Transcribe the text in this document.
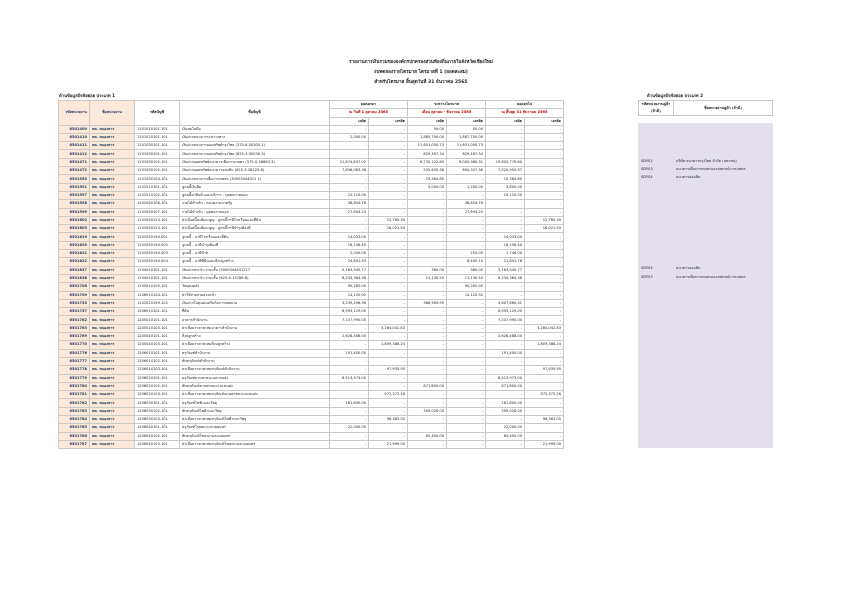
รายงานการเงินรวมขององค์กรปกครองส่วนท้องถิ่นภายในจังหวัดเชียงใหม่
งบทดลองรายไตรมาส ไตรมาสที่ 1 (ยอดสะสม)
สำหรับไตรมาส สิ้นสุดวันที่ 31 ธันวาคม 2565
ด้านข้อมูลปัจจัยย่อย ประเภท 1	ด้านข้อมูลปัจจัยย่อย ประเภท 2
รหัสหน่วยงาน	ชื่อหน่วยงาน	รหัสบัญชี	ชื่อบัญชี	ยอดยกมา		ระหว่างไตรมาส		ยอดยกไป	
				ณ วันที่ 1 ตุลาคม 2565		เดือน ตุลาคม - ธันวาคม 2565		ณ สิ้นสุด 31 ธันวาคม 2565	
				เดบิต	เครดิต	เดบิต	เครดิต	เดบิต	เครดิต
6501409	ทต. หนองหาร	1101010101.101	เงินสดในมือ	-	-	50.00	50.00	-	-
6501410	ทต. หนองหาร	1101020101.101	เงินฝากธนาคารระหว่างทาง	2,000.00	-	1,885,700.00	1,887,700.00	-	-
6501411	ทต. หนองหาร	1101030101.101	เงินฝากธนาคารออมทรัพย์กรุงไทย (375-6-00305-1)	-	-	11,651,050.73	11,651,050.73	-	-
6501412	ทต. หนองหาร	1101030101.101	เงินฝากธนาคารออมทรัพย์กรุงไทย (825-3-00030-3)	-	-	629,167.34	629,167.34	-	-
6501471	ทต. หนองหาร	1101030102.101	เงินฝากออมทรัพย์ธนาคารเพื่อการเกษตร (375-0-36863-3)	21,874,637.02	-	6,735,122.89	9,005,980.31	19,603,779.60	-
6501472	ทต. หนองหาร	1101030102.101	เงินฝากออมทรัพย์ธนาคารออมสิน (825-3-38120-6)	7,636,063.36	-	535,635.36	650,327.36	7,520,955.37	-
6501550	ทต. หนองหาร	1101030104.101	เงินฝากธนาคารเพื่อการเกษตร (30003444312 1)	-	-	19,364.80	-	19,364.80	-
6501591	ทต. หนองหาร	1102010101.101	ลูกหนี้เงินยืม	-	-	5,000.00	1,200.00	3,800.00	-
6501597	ทต. หนองหาร	1102010102.101	ลูกหนี้ค่าสินค้าและบริการ - บุคคลภายนอก	10,110.00	-	-	-	10,110.00	-
6501598	ทต. หนองหาร	1102050106.101	รายได้ค้างรับ - หน่วยงานภาครัฐ	38,854.78	-	-	38,854.78	-	-
6501599	ทต. หนองหาร	1102050107.101	รายได้ค้างรับ - บุคคลภายนอก	27,694.25	-	-	27,694.25	-	-
6501602	ทต. หนองหาร	1102050123.101	ค่าเผื่อหนี้สงสัยจะสูญ - ลูกหนี้ภาษีโรงเรือนและที่ดิน	-	12,765.30	-	-	-	12,765.30
6501603	ทต. หนองหาร	1102050123.101	ค่าเผื่อหนี้สงสัยจะสูญ - ลูกหนี้ภาษีบำรุงท้องที่	-	18,021.50	-	-	-	18,021.50
6501619	ทต. หนองหาร	1102050194.001	ลูกหนี้ - ภาษีโรงเรือนและที่ดิน	14,033.00	-	-	-	14,033.00	-
6501620	ทต. หนองหาร	1102050194.002	ลูกหนี้ - ภาษีบำรุงท้องที่	18,156.40	-	-	-	18,156.40	-
6501621	ทต. หนองหาร	1102050194.003	ลูกหนี้ - ภาษีป้าย	2,000.00	-	-	252.00	1,748.00	-
6501622	ทต. หนองหาร	1102050194.004	ลูกหนี้ - ภาษีที่ดินและสิ่งปลูกสร้าง	24,841.93	-	-	8,400.15	21,841.78	-
6501637	ทต. หนองหาร	1104010101.101	เงินฝากประจำ-ระยะสั้น (3000344431217	5,163,945.77	-	360.00	360.00	5,163,945.77	-
6501638	ทต. หนองหาร	1104010101.101	เงินฝากประจำ-ระยะสั้น (825-4-13786-8)	8,234,364.36	-	11,130.50	11,130.50	8,234,364.36	-
6501708	ทต. หนองหาร	1105010105.101	วัสดุคงคลัง	90,262.00	-	-	90,262.00	-	-
6501709	ทต. หนองหาร	1106010104.101	ค่าใช้จ่ายจ่ายล่วงหน้า	14,120.92	-	-	14,120.92	-	-
6501733	ทต. หนองหาร	1102020199.102	เงินฝากในทุนส่งเสริมกิจการเทศบาล	3,239,296.36	-	368,563.95	-	3,607,860.31	-
6501757	ทต. หนองหาร	1206010101.101	ที่ดิน	6,993,129.00	-	-	-	6,993,129.00	-
6501762	ทต. หนองหาร	1205010101.101	อาคารสำนักงาน	7,237,990.00	-	-	-	7,237,990.00	-
6501763	ทต. หนองหาร	1205010103.101	ค่าเสื่อมราคาสะสมอาคารสำนักงาน	-	3,284,042.83	-	-	-	3,284,042.83
6501769	ทต. หนองหาร	1205040101.101	สิ่งปลูกสร้าง	2,628,488.00	-	-	-	2,628,488.00	-
6501770	ทต. หนองหาร	1205040103.101	ค่าเสื่อมราคาสะสมสิ่งปลูกสร้าง	-	1,809,388.24	-	-	-	1,809,388.24
6501776	ทต. หนองหาร	1206010101.101	ครุภัณฑ์สำนักงาน	191,400.00	-	-	-	191,400.00	-
6501777	ทต. หนองหาร	1206010102.101	พักครุภัณฑ์สำนักงาน	-	-	-	-	-	-
6501778	ทต. หนองหาร	1206010103.101	ค่าเสื่อมราคาสะสมครุภัณฑ์สำนักงาน	-	97,935.95	-	-	-	97,935.95
6501779	ทต. หนองหาร	1206020101.101	ครุภัณฑ์ยานพาหนะและขนส่ง	6,513,973.00	-	-	-	6,513,973.00	-
6501780	ทต. หนองหาร	1206020102.101	พักครุภัณฑ์ยานพาหนะและขนส่ง	-	-	871,800.00	-	871,800.00	-
6501781	ทต. หนองหาร	1206020103.101	ค่าเสื่อมราคาสะสมครุภัณฑ์ยานพาหนะและขนส่ง	-	972,372.26	-	-	-	972,372.26
6501782	ทต. หนองหาร	1206030101.101	ครุภัณฑ์ไฟฟ้าและวิทยุ	181,600.00	-	-	-	181,600.00	-
6501783	ทต. หนองหาร	1206030102.101	พักครุภัณฑ์ไฟฟ้าและวิทยุ	-	-	309,026.00	-	309,026.00	-
6501784	ทต. หนองหาร	1206030103.101	ค่าเสื่อมราคาสะสมครุภัณฑ์ไฟฟ้าและวิทยุ	-	96,383.05	-	-	-	96,383.05
6501785	ทต. หนองหาร	1206040101.101	ครุภัณฑ์โฆษณาและเผยแพร่	22,000.00	-	-	-	22,000.00	-
6501786	ทต. หนองหาร	1206040102.101	พักครุภัณฑ์โฆษณาและเผยแพร่	-	-	65,400.00	-	65,400.00	-
6501787	ทต. หนองหาร	1206040103.101	ค่าเสื่อมราคาสะสมครุภัณฑ์โฆษณาและเผยแพร่	-	21,999.00	-	-	-	21,999.00
รหัสหน่วยงานคู่ค้า (ถ้ามี)	ชื่อหน่วยงานคู่ค้า (ถ้ามี)

SDY02	บริษัท ธนาคารกรุงไทย จำกัด (มหาชน)
SDY03	ธนาคารเพื่อการเกษตรและสหกรณ์การเกษตร
SDY04	ธนาคารออมสิน

SDY04	ธนาคารออมสิน
SDY03	ธนาคารเพื่อการเกษตรและสหกรณ์การเกษตร
